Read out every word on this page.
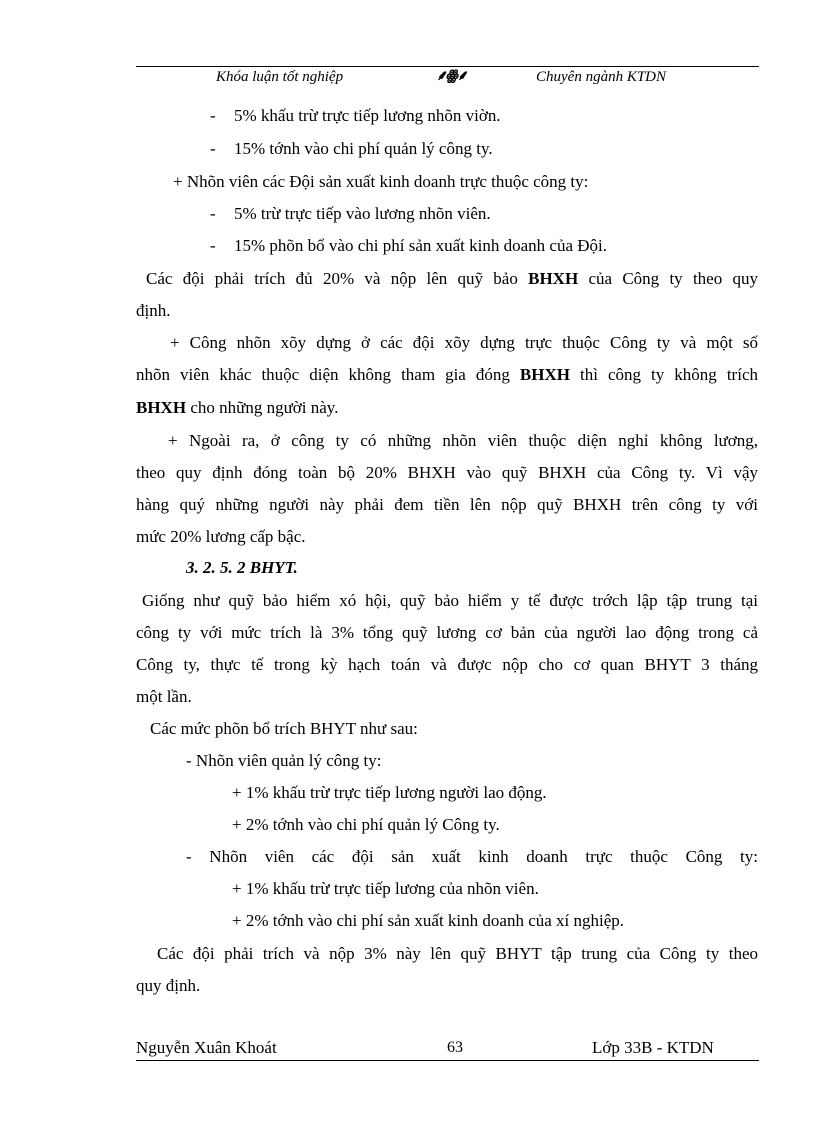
Khóa luận tốt nghiệp	⸙ꙮ⸙	Chuyên ngành KTDN
- 5% khấu trừ trực tiếp lương nhõn viờn.
- 15% tớnh vào chi phí quản lý công ty.
+ Nhõn viên các Đội sản xuất kinh doanh trực thuộc công ty:
- 5% trừ trực tiếp vào lương nhõn viên.
- 15% phõn bổ vào chi phí sản xuất kinh doanh của Đội.
Các đội phải trích đủ 20% và nộp lên quỹ bảo BHXH của Công ty theo quy
định.
+ Công nhõn xõy dựng ở các đội xõy dựng trực thuộc Công ty và một số
nhõn viên khác thuộc diện không tham gia đóng BHXH thì công ty không trích
BHXH cho những người này.
+ Ngoài ra, ở công ty có những nhõn viên thuộc diện nghỉ không lương,
theo quy định đóng toàn bộ 20% BHXH vào quỹ BHXH của Công ty. Vì vậy
hàng quý những người này phải đem tiền lên nộp quỹ BHXH trên công ty với
mức 20% lương cấp bậc.
3. 2. 5. 2 BHYT.
Giống như quỹ bảo hiểm xó hội, quỹ bảo hiểm y tế được trớch lập tập trung tại
công ty với mức trích là 3% tổng quỹ lương cơ bản của người lao động trong cả
Công ty, thực tế trong kỳ hạch toán và được nộp cho cơ quan BHYT 3 tháng
một lần.
Các mức phõn bổ trích BHYT như sau:
- Nhõn viên quản lý công ty:
+ 1% khấu trừ trực tiếp lương người lao động.
+ 2% tớnh vào chi phí quản lý Công ty.
- Nhõn viên các đội sản xuất kinh doanh trực thuộc Công ty:
+ 1% khấu trừ trực tiếp lương của nhõn viên.
+ 2% tớnh vào chi phí sản xuất kinh doanh của xí nghiệp.
Các đội phải trích và nộp 3% này lên quỹ BHYT tập trung của Công ty theo
quy định.
Nguyễn Xuân Khoát	63	Lớp 33B - KTDN
